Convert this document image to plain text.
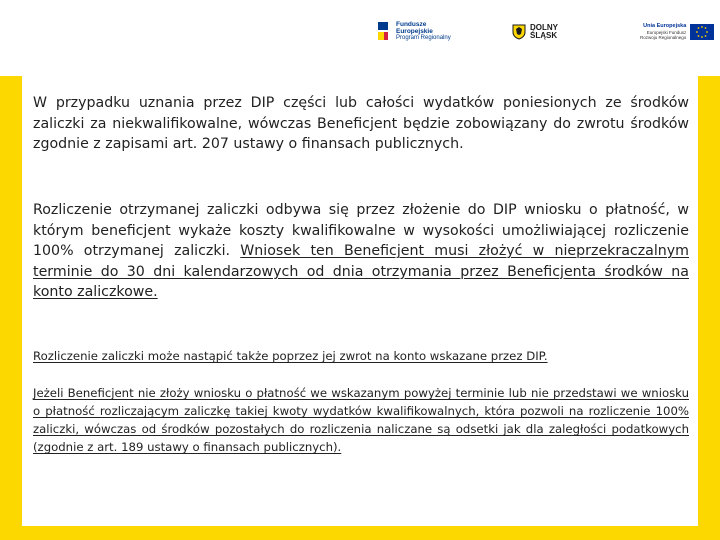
Fundusze
Europejskie
Program Regionalny
DOLNY
ŚLĄSK
Unia Europejska
Europejski Fundusz
Rozwoju Regionalnego

W przypadku uznania przez DIP części lub całości wydatków poniesionych ze środków zaliczki za niekwalifikowalne, wówczas Beneficjent będzie zobowiązany do zwrotu środków zgodnie z zapisami art. 207 ustawy o finansach publicznych.

Rozliczenie otrzymanej zaliczki odbywa się przez złożenie do DIP wniosku o płatność, w którym beneficjent wykaże koszty kwalifikowalne w wysokości umożliwiającej rozliczenie 100% otrzymanej zaliczki. Wniosek ten Beneficjent musi złożyć w nieprzekraczalnym terminie do 30 dni kalendarzowych od dnia otrzymania przez Beneficjenta środków na konto zaliczkowe.

Rozliczenie zaliczki może nastąpić także poprzez jej zwrot na konto wskazane przez DIP.

Jeżeli Beneficjent nie złoży wniosku o płatność we wskazanym powyżej terminie lub nie przedstawi we wniosku o płatność rozliczającym zaliczkę takiej kwoty wydatków kwalifikowalnych, która pozwoli na rozliczenie 100% zaliczki, wówczas od środków pozostałych do rozliczenia naliczane są odsetki jak dla zaległości podatkowych (zgodnie z art. 189 ustawy o finansach publicznych).
